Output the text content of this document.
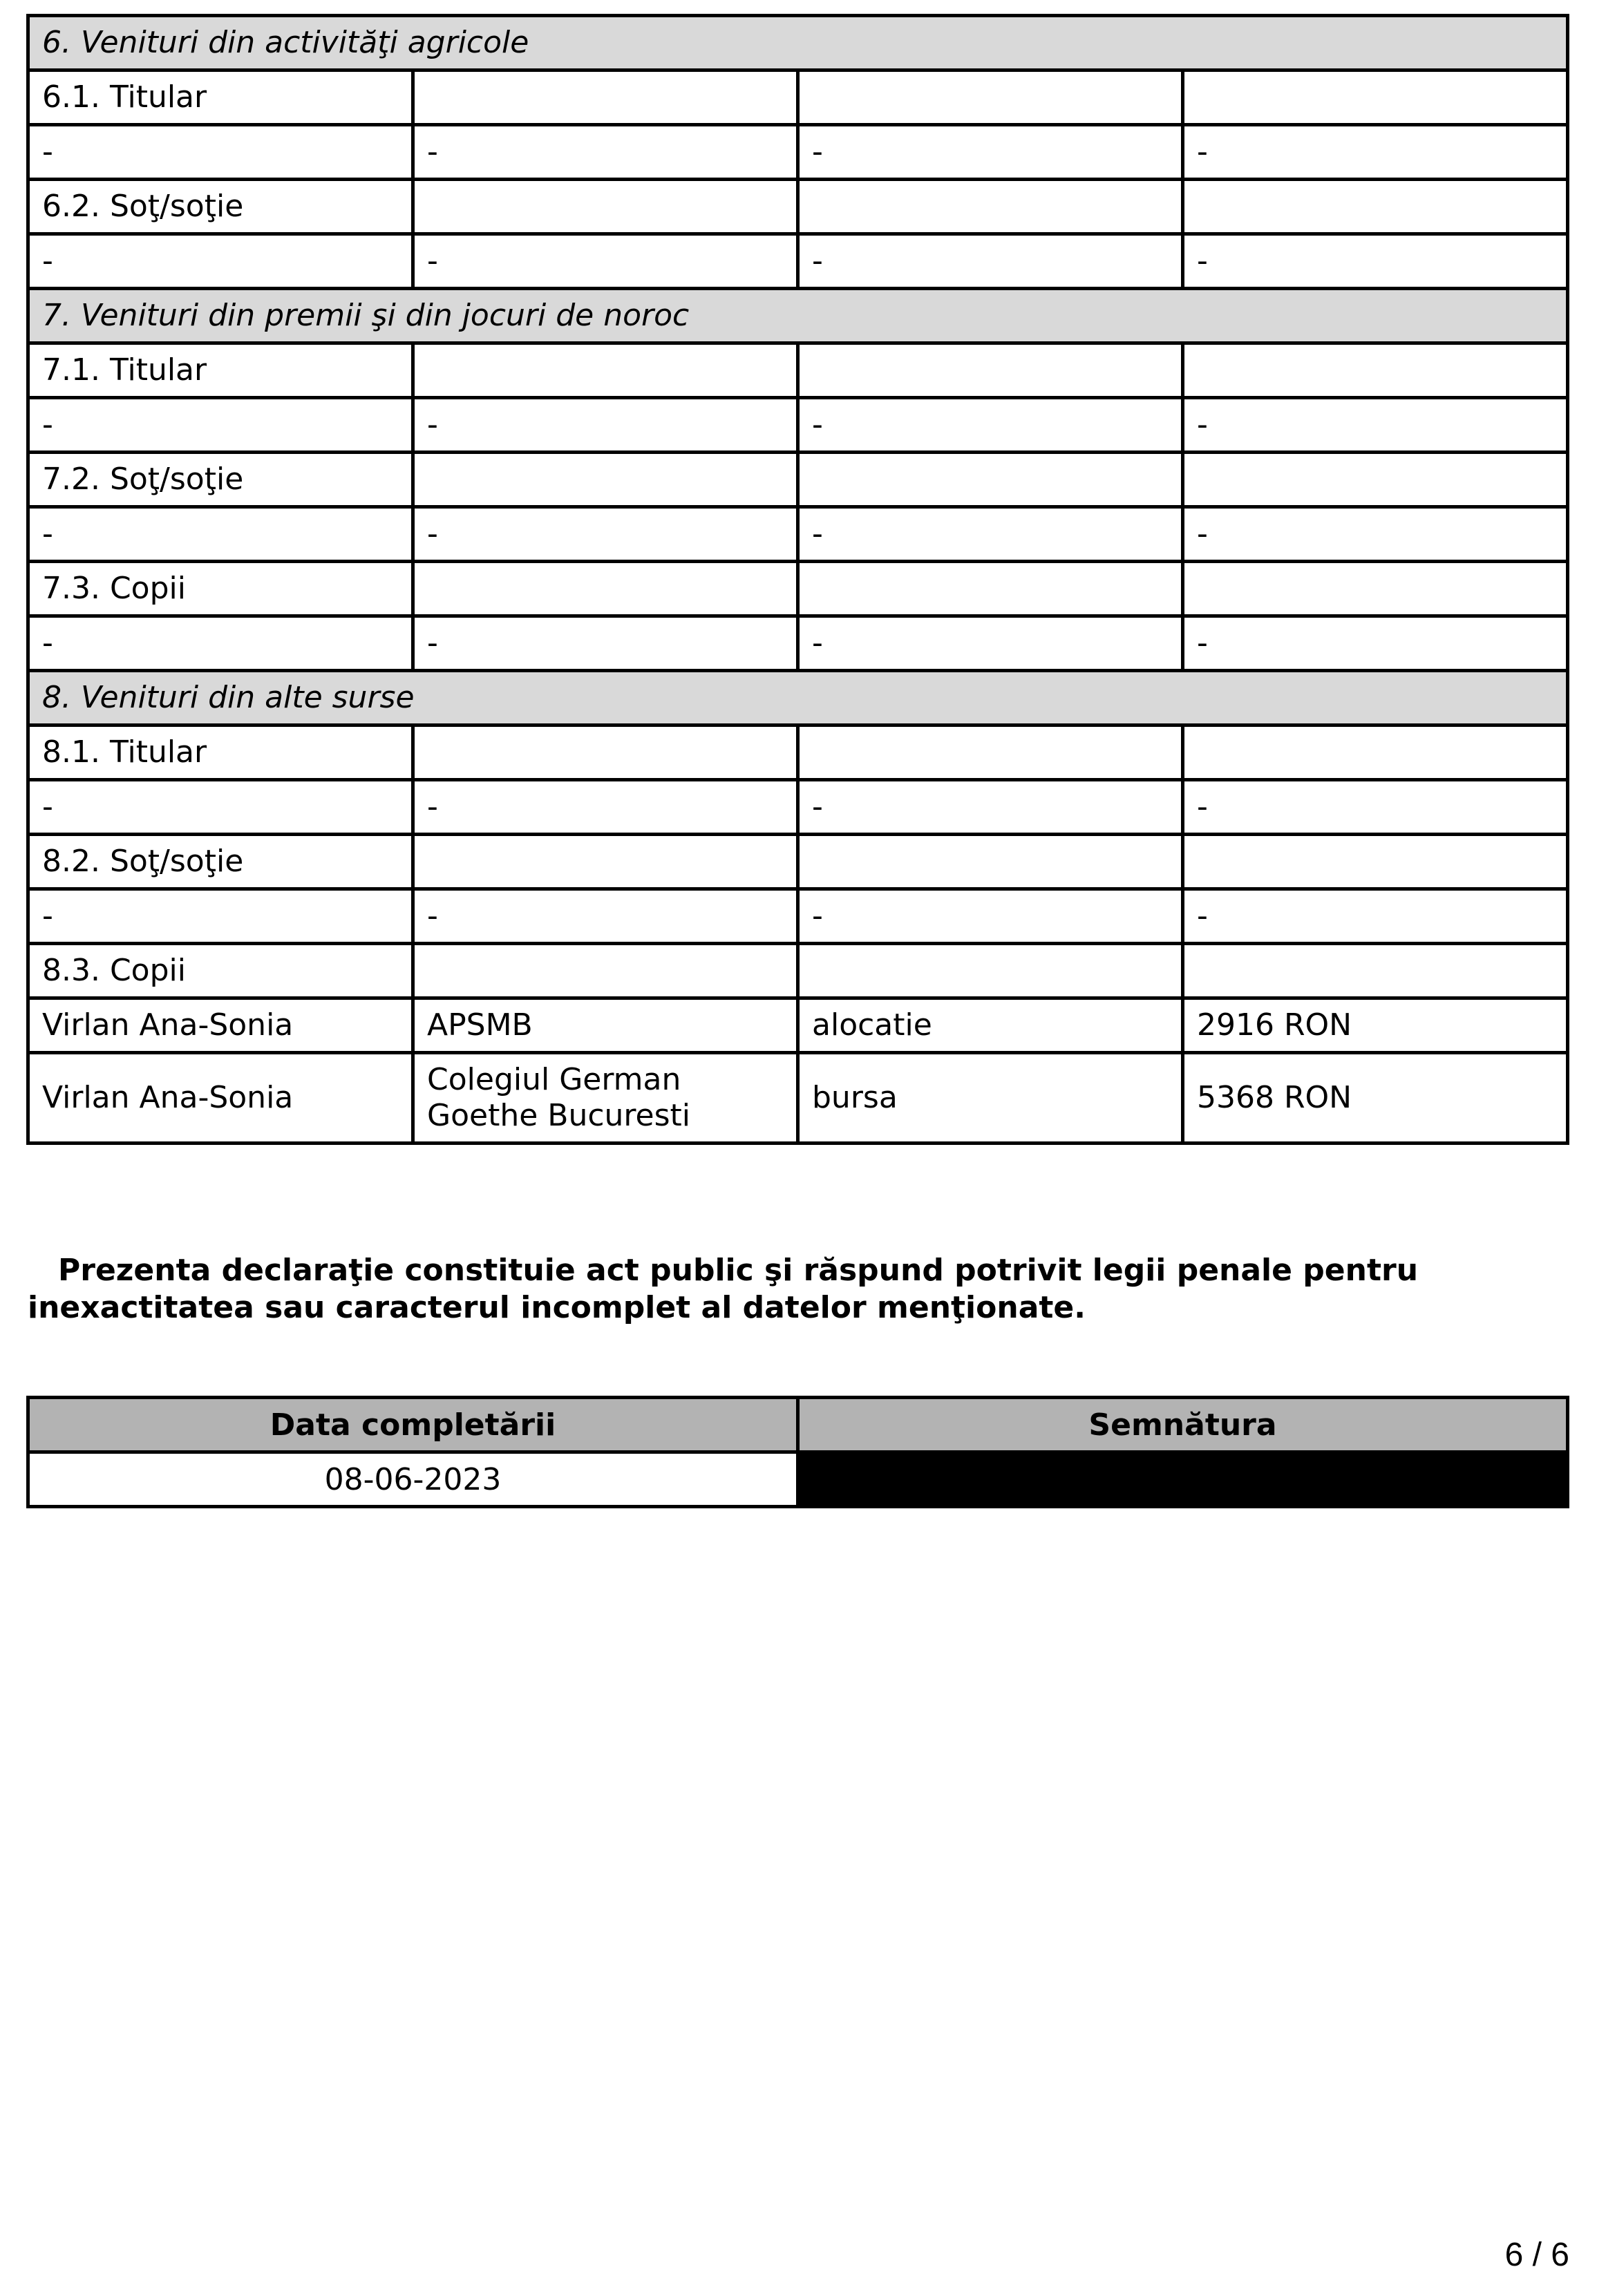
6. Venituri din activităţi agricole			
6.1. Titular			
-	-	-	-
6.2. Soţ/soţie			
-	-	-	-
7. Venituri din premii şi din jocuri de noroc			
7.1. Titular			
-	-	-	-
7.2. Soţ/soţie			
-	-	-	-
7.3. Copii			
-	-	-	-
8. Venituri din alte surse			
8.1. Titular			
-	-	-	-
8.2. Soţ/soţie			
-	-	-	-
8.3. Copii			
Virlan Ana-Sonia	APSMB	alocatie	2916 RON
Virlan Ana-Sonia	Colegiul German Goethe Bucuresti	bursa	5368 RON

Prezenta declaraţie constituie act public şi răspund potrivit legii penale pentru inexactitatea sau caracterul incomplet al datelor menţionate.

Data completării	Semnătura
08-06-2023	
6 / 6
